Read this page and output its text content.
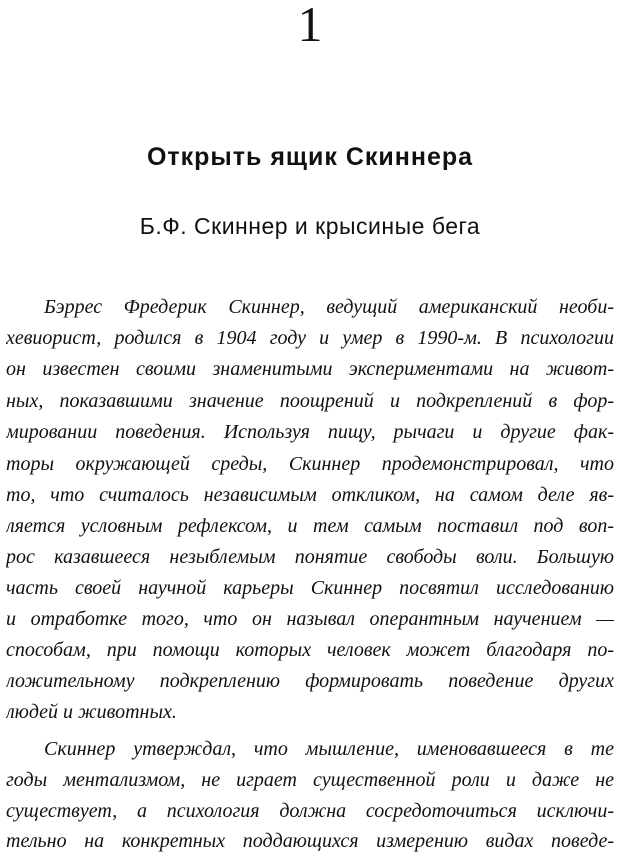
1
Открыть ящик Скиннера
Б.Ф. Скиннер и крысиные бега
Бэррес Фредерик Скиннер, ведущий американский необи-
хевиорист, родился в 1904 году и умер в 1990-м. В психологии
он известен своими знаменитыми экспериментами на живот-
ных, показавшими значение поощрений и подкреплений в фор-
мировании поведения. Используя пищу, рычаги и другие фак-
торы окружающей среды, Скиннер продемонстрировал, что
то, что считалось независимым откликом, на самом деле яв-
ляется условным рефлексом, и тем самым поставил под воп-
рос казавшееся незыблемым понятие свободы воли. Большую
часть своей научной карьеры Скиннер посвятил исследованию
и отработке того, что он называл оперантным научением —
способам, при помощи которых человек может благодаря по-
ложительному подкреплению формировать поведение других
людей и животных.
Скиннер утверждал, что мышление, именовавшееся в те
годы ментализмом, не играет существенной роли и даже не
существует, а психология должна сосредоточиться исключи-
тельно на конкретных поддающихся измерению видах поведе-
